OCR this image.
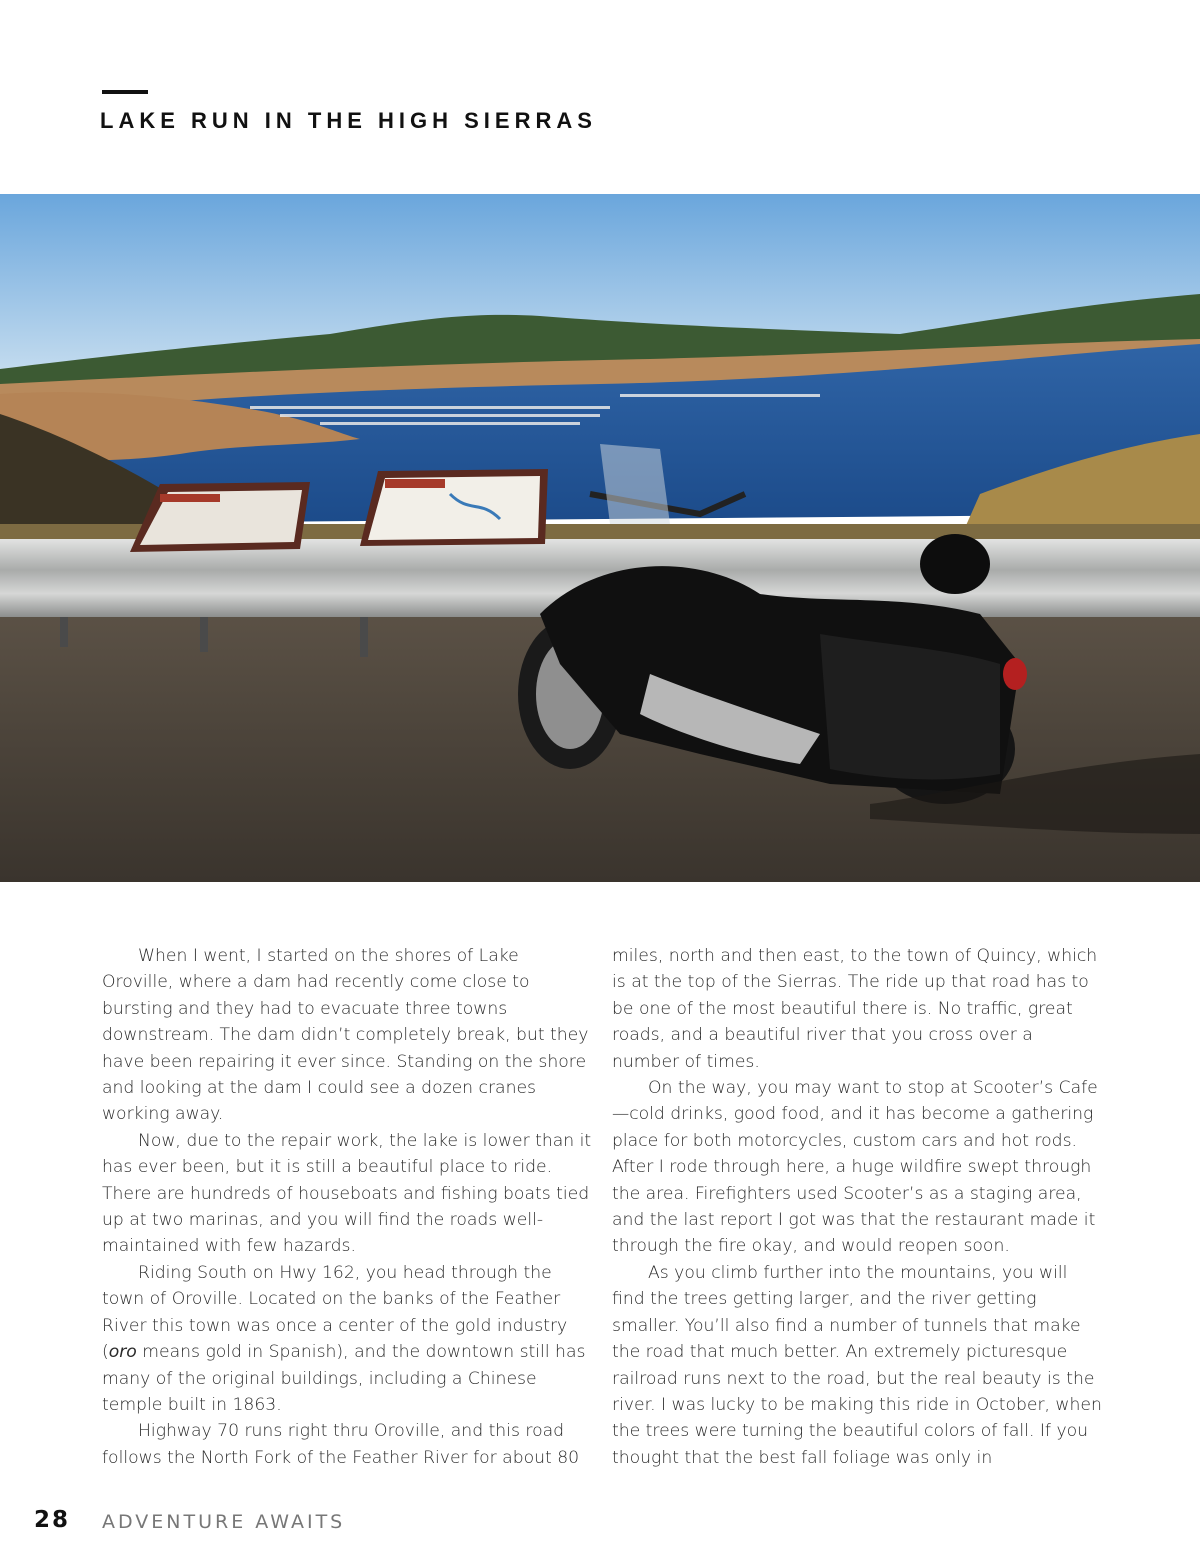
LAKE RUN IN THE HIGH SIERRAS

When I went, I started on the shores of Lake Oroville, where a dam had recently come close to bursting and they had to evacuate three towns downstream. The dam didn’t completely break, but they have been repairing it ever since. Standing on the shore and looking at the dam I could see a dozen cranes working away.

Now, due to the repair work, the lake is lower than it has ever been, but it is still a beautiful place to ride. There are hundreds of houseboats and fishing boats tied up at two marinas, and you will find the roads well-maintained with few hazards.

Riding South on Hwy 162, you head through the town of Oroville. Located on the banks of the Feather River this town was once a center of the gold industry (oro means gold in Spanish), and the downtown still has many of the original buildings, including a Chinese temple built in 1863.

Highway 70 runs right thru Oroville, and this road follows the North Fork of the Feather River for about 80

miles, north and then east, to the town of Quincy, which is at the top of the Sierras. The ride up that road has to be one of the most beautiful there is. No traffic, great roads, and a beautiful river that you cross over a number of times.

On the way, you may want to stop at Scooter’s Cafe—cold drinks, good food, and it has become a gathering place for both motorcycles, custom cars and hot rods. After I rode through here, a huge wildfire swept through the area. Firefighters used Scooter’s as a staging area, and the last report I got was that the restaurant made it through the fire okay, and would reopen soon.

As you climb further into the mountains, you will find the trees getting larger, and the river getting smaller. You’ll also find a number of tunnels that make the road that much better. An extremely picturesque railroad runs next to the road, but the real beauty is the river. I was lucky to be making this ride in October, when the trees were turning the beautiful colors of fall. If you thought that the best fall foliage was only in

28 ADVENTURE AWAITS
